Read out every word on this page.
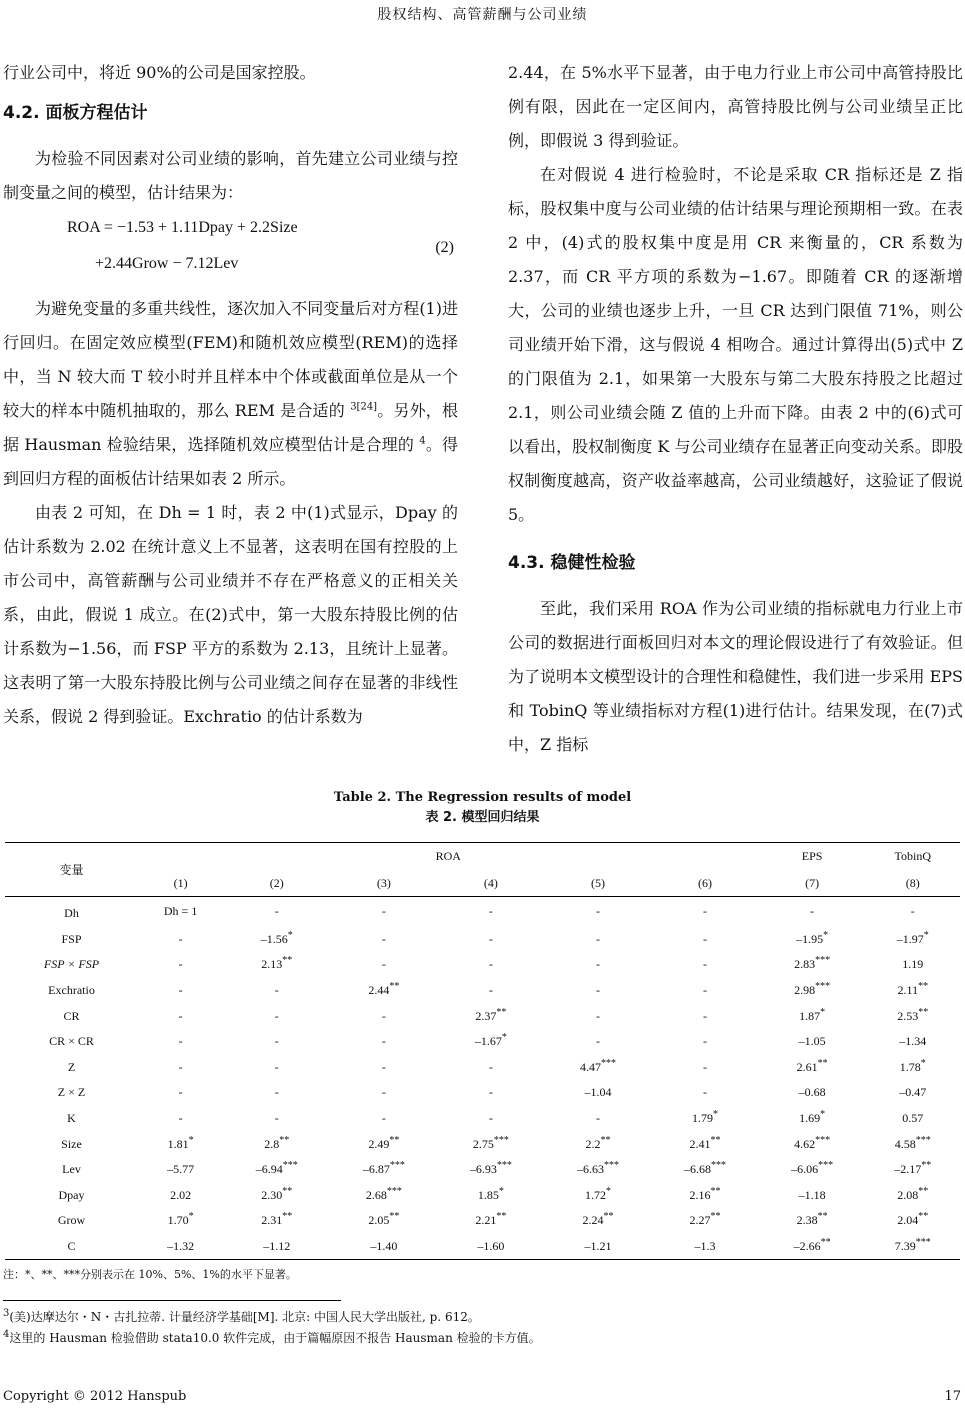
股权结构、高管薪酬与公司业绩

行业公司中，将近 90%的公司是国家控股。

4.2. 面板方程估计

为检验不同因素对公司业绩的影响，首先建立公司业绩与控制变量之间的模型，估计结果为：

ROA = −1.53 + 1.11Dpay + 2.2Size
+2.44Grow − 7.12Lev
(2)

为避免变量的多重共线性，逐次加入不同变量后对方程(1)进行回归。在固定效应模型(FEM)和随机效应模型(REM)的选择中，当 N 较大而 T 较小时并且样本中个体或截面单位是从一个较大的样本中随机抽取的，那么 REM 是合适的 $^{3[24]}$。另外，根据 Hausman 检验结果，选择随机效应模型估计是合理的 $^4$。得到回归方程的面板估计结果如表 2 所示。

由表 2 可知，在 Dh = 1 时，表 2 中(1)式显示，Dpay 的估计系数为 2.02 在统计意义上不显著，这表明在国有控股的上市公司中，高管薪酬与公司业绩并不存在严格意义的正相关关系，由此，假说 1 成立。在(2)式中，第一大股东持股比例的估计系数为−1.56，而 FSP 平方的系数为 2.13，且统计上显著。这表明了第一大股东持股比例与公司业绩之间存在显著的非线性关系，假说 2 得到验证。Exchratio 的估计系数为

2.44，在 5%水平下显著，由于电力行业上市公司中高管持股比例有限，因此在一定区间内，高管持股比例与公司业绩呈正比例，即假说 3 得到验证。

在对假说 4 进行检验时，不论是采取 CR 指标还是 Z 指标，股权集中度与公司业绩的估计结果与理论预期相一致。在表 2 中，(4)式的股权集中度是用 CR 来衡量的，CR 系数为 2.37，而 CR 平方项的系数为−1.67。即随着 CR 的逐渐增大，公司的业绩也逐步上升，一旦 CR 达到门限值 71%，则公司业绩开始下滑，这与假说 4 相吻合。通过计算得出(5)式中 Z 的门限值为 2.1，如果第一大股东与第二大股东持股之比超过 2.1，则公司业绩会随 Z 值的上升而下降。由表 2 中的(6)式可以看出，股权制衡度 K 与公司业绩存在显著正向变动关系。即股权制衡度越高，资产收益率越高，公司业绩越好，这验证了假说 5。

4.3. 稳健性检验

至此，我们采用 ROA 作为公司业绩的指标就电力行业上市公司的数据进行面板回归对本文的理论假设进行了有效验证。但为了说明本文模型设计的合理性和稳健性，我们进一步采用 EPS 和 TobinQ 等业绩指标对方程(1)进行估计。结果发现，在(7)式中，Z 指标

Table 2. The Regression results of model
表 2. 模型回归结果
变量	ROA						EPS	TobinQ
	(1)	(2)	(3)	(4)	(5)	(6)	(7)	(8)
Dh	Dh = 1	-	-	-	-	-	-	-
FSP	-	–1.56*	-	-	-	-	–1.95*	–1.97*
FSP × FSP	-	2.13**	-	-	-	-	2.83***	1.19
Exchratio	-	-	2.44**	-	-	-	2.98***	2.11**
CR	-	-	-	2.37**	-	-	1.87*	2.53**
CR × CR	-	-	-	–1.67*	-	-	–1.05	–1.34
Z	-	-	-	-	4.47***	-	2.61**	1.78*
Z × Z	-	-	-	-	–1.04	-	–0.68	–0.47
K	-	-	-	-	-	1.79*	1.69*	0.57
Size	1.81*	2.8**	2.49**	2.75***	2.2**	2.41**	4.62***	4.58***
Lev	–5.77	–6.94***	–6.87***	–6.93***	–6.63***	–6.68***	–6.06***	–2.17**
Dpay	2.02	2.30**	2.68***	1.85*	1.72*	2.16**	–1.18	2.08**
Grow	1.70*	2.31**	2.05**	2.21**	2.24**	2.27**	2.38**	2.04**
C	–1.32	–1.12	–1.40	–1.60	–1.21	–1.3	–2.66**	7.39***
注：*、**、***分别表示在 10%、5%、1%的水平下显著。
$^3$(美)达摩达尔・N・古扎拉蒂. 计量经济学基础[M]. 北京: 中国人民大学出版社, p. 612。
$^4$这里的 Hausman 检验借助 stata10.0 软件完成，由于篇幅原因不报告 Hausman 检验的卡方值。
Copyright © 2012 Hanspub	17
